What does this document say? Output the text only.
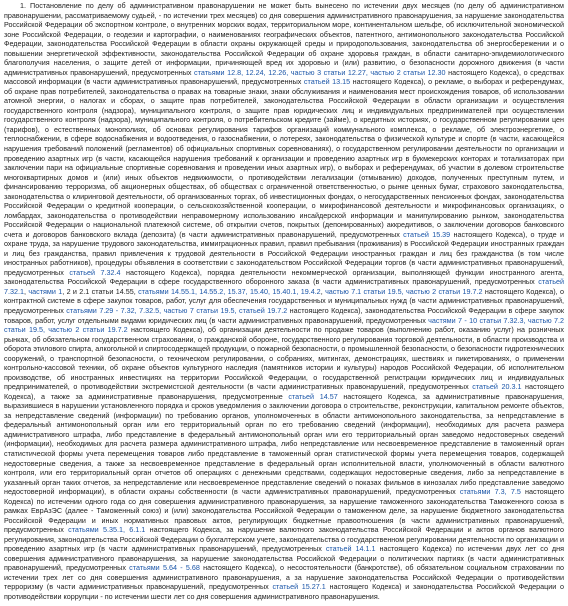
1. Постановление по делу об административном правонарушении не может быть вынесено по истечении двух месяцев (по делу об административном правонарушении, рассматриваемому судьей, - по истечении трех месяцев) со дня совершения административного правонарушения, за нарушение законодательства Российской Федерации об экспортном контроле, о внутренних морских водах, территориальном море, континентальном шельфе, об исключительной экономической зоне Российской Федерации, о геодезии и картографии, о наименованиях географических объектов, патентного, антимонопольного законодательства Российской Федерации, законодательства Российской Федерации в области охраны окружающей среды и природопользования, законодательства об энергосбережении и о повышении энергетической эффективности, законодательства Российской Федерации об охране здоровья граждан, в области санитарно-эпидемиологического благополучия населения, о защите детей от информации, причиняющей вред их здоровью и (или) развитию, о безопасности дорожного движения (в части административных правонарушений, предусмотренных статьями 12.8, 12.24, 12.26, частью 3 статьи 12.27, частью 2 статьи 12.30 настоящего Кодекса), о средствах массовой информации (в части административных правонарушений, предусмотренных статьей 13.15 настоящего Кодекса), о рекламе, о выборах и референдумах, об охране прав потребителей, законодательства о правах на товарные знаки, знаки обслуживания и наименования мест происхождения товаров, об использовании атомной энергии, о налогах и сборах, о защите прав потребителей, законодательства Российской Федерации в области организации и осуществления государственного контроля (надзора), муниципального контроля, о защите прав юридических лиц и индивидуальных предпринимателей при осуществлении государственного контроля (надзора), муниципального контроля, о потребительском кредите (займе), о кредитных историях, о государственном регулировании цен (тарифов), о естественных монополиях, об основах регулирования тарифов организаций коммунального комплекса, о рекламе, об электроэнергетике, о теплоснабжении, в сфере водоснабжения и водоотведения, о газоснабжении, о лотереях, законодательства о физической культуре и спорте (в части, касающейся нарушения требований положений (регламентов) об официальных спортивных соревнованиях), о государственном регулировании деятельности по организации и проведению азартных игр (в части, касающейся нарушения требований к организации и проведению азартных игр в букмекерских конторах и тотализаторах при заключении пари на официальные спортивные соревнования и проведении иных азартных игр), о выборах и референдумах, об участии в долевом строительстве многоквартирных домов и (или) иных объектов недвижимости, о противодействии легализации (отмыванию) доходов, полученных преступным путем, и финансированию терроризма, об акционерных обществах, об обществах с ограниченной ответственностью, о рынке ценных бумаг, страхового законодательства, законодательства о клиринговой деятельности, об организованных торгах, об инвестиционных фондах, о негосударственных пенсионных фондах, законодательства Российской Федерации о кредитной кооперации, о сельскохозяйственной кооперации, о микрофинансовой деятельности и микрофинансовых организациях, о ломбардах, законодательства о противодействии неправомерному использованию инсайдерской информации и манипулированию рынком, законодательства Российской Федерации о национальной платежной системе, об открытии счетов, покрытых (депонированных) аккредитивов, о заключении договоров банковского счета и договоров банковского вклада (депозита) (в части административных правонарушений, предусмотренных статьей 15.39 настоящего Кодекса), о труде и охране труда, за нарушение трудового законодательства, иммиграционных правил, правил пребывания (проживания) в Российской Федерации иностранных граждан и лиц без гражданства, правил привлечения к трудовой деятельности в Российской Федерации иностранных граждан и лиц без гражданства (в том числе иностранных работников), процедуры объявления в соответствии с законодательством Российской Федерации торгов (в части административных правонарушений, предусмотренных статьей 7.32.4 настоящего Кодекса), порядка деятельности некоммерческой организации, выполняющей функции иностранного агента, законодательства Российской Федерации в сфере государственного оборонного заказа (в части административных правонарушений, предусмотренных статьей 7.32.1, частями 1, 2 и 2.1 статьи 14.55, статьями 14.55.1, 14.55.2, 15.37, 15.40, 15.40.1, 19.4.2, частью 7.1 статьи 19.5, частью 2 статьи 19.7.2 настоящего Кодекса), о контрактной системе в сфере закупок товаров, работ, услуг для обеспечения государственных и муниципальных нужд (в части административных правонарушений, предусмотренных статьями 7.29 - 7.32, 7.32.5, частью 7 статьи 19.5, статьей 19.7.2 настоящего Кодекса), законодательства Российской Федерации в сфере закупок товаров, работ, услуг отдельными видами юридических лиц (в части административных правонарушений, предусмотренных частями 7 - 10 статьи 7.32.3, частью 7.2 статьи 19.5, частью 2 статьи 19.7.2 настоящего Кодекса), об организации деятельности по продаже товаров (выполнению работ, оказанию услуг) на розничных рынках, об обязательном государственном страховании, о гражданской обороне, государственного регулирования торговой деятельности, в области производства и оборота этилового спирта, алкогольной и спиртосодержащей продукции, о пожарной безопасности, о промышленной безопасности, о безопасности гидротехнических сооружений, о транспортной безопасности, о техническом регулировании, о собраниях, митингах, демонстрациях, шествиях и пикетированиях, о применении контрольно-кассовой техники, об охране объектов культурного наследия (памятников истории и культуры) народов Российской Федерации, об исполнительном производстве, об иностранных инвестициях на территории Российской Федерации, о государственной регистрации юридических лиц и индивидуальных предпринимателей, о противодействии экстремистской деятельности (в части административных правонарушений, предусмотренных статьей 20.3.1 настоящего Кодекса), а также за административные правонарушения, предусмотренные статьей 14.57 настоящего Кодекса, за административные правонарушения, выразившиеся в нарушении установленного порядка и сроков уведомления о заключении договора о строительстве, реконструкции, капитальном ремонте объектов, за непредставление сведений (информации) по требованию органов, уполномоченных в области антимонопольного законодательства, за непредставление в федеральный антимонопольный орган или его территориальный орган по его требованию сведений (информации), необходимых для расчета размера административного штрафа, либо представление в федеральный антимонопольный орган или его территориальный орган заведомо недостоверных сведений (информации), необходимых для расчета размера административного штрафа, либо непредставление или несвоевременное представление в таможенный орган статистической формы учета перемещения товаров либо представление в таможенный орган статистической формы учета перемещения товаров, содержащей недостоверные сведения, а также за несвоевременное представление в федеральный орган исполнительной власти, уполномоченный в области валютного контроля, или его территориальный орган отчетов об операциях с денежными средствами, содержащих недостоверные сведения, либо за непредставление в указанный орган таких отчетов, за непредставление или несвоевременное представление сведений о показах фильмов в кинозалах либо представление заведомо недостоверной информации), в области охраны собственности (в части административных правонарушений, предусмотренных статьями 7.3, 7.5 настоящего Кодекса) по истечении одного года со дня совершения административного правонарушения, за нарушение таможенного законодательства Таможенного союза в рамках ЕврАзЭС (далее - Таможенный союз) и (или) законодательства Российской Федерации о таможенном деле, за нарушение бюджетного законодательства Российской Федерации и иных нормативных правовых актов, регулирующих бюджетные правоотношения (в части административных правонарушений, предусмотренных статьями 5.35.1, 6.1.1 настоящего Кодекса, за нарушение валютного законодательства Российской Федерации и актов органов валютного регулирования, законодательства Российской Федерации о бухгалтерском учете, законодательства о государственном регулировании деятельности по организации и проведению азартных игр (в части административных правонарушений, предусмотренных статьей 14.1.1 настоящего Кодекса) по истечении двух лет со дня совершения административного правонарушения, за нарушение законодательства Российской Федерации о политических партиях (в части административных правонарушений, предусмотренных статьями 5.64 - 5.68 настоящего Кодекса), о несостоятельности (банкротстве), об обязательном социальном страховании по истечении трех лет со дня совершения административного правонарушения, а за нарушение законодательства Российской Федерации о противодействии терроризму (в части административных правонарушений, предусмотренных статьей 15.27.1 настоящего Кодекса) и законодательства Российской Федерации о противодействии коррупции - по истечении шести лет со дня совершения административного правонарушения.
